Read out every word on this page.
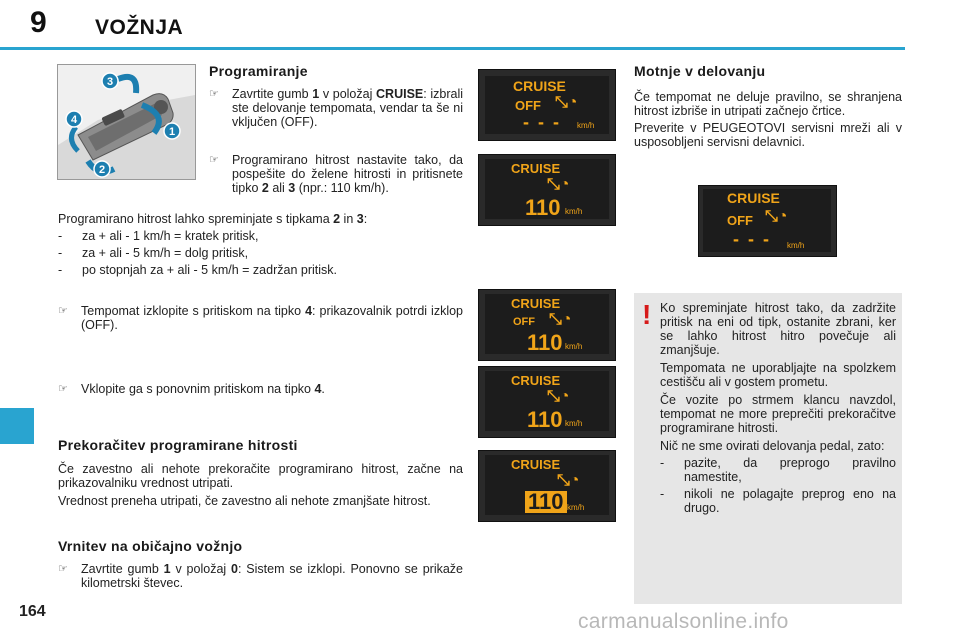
9 VOŽNJA
3
4
1
2
Programiranje
☞ Zavrtite gumb 1 v položaj CRUISE: izbrali ste delovanje tempomata, vendar ta še ni vključen (OFF).
☞ Programirano hitrost nastavite tako, da pospešite do želene hitrosti in pritisnete tipko 2 ali 3 (npr.: 110 km/h).

Programirano hitrost lahko spreminjate s tipkama 2 in 3:

- za + ali - 1 km/h = kratek pritisk,
- za + ali - 5 km/h = dolg pritisk,
- po stopnjah za + ali - 5 km/h = zadržan pritisk.
☞ Tempomat izklopite s pritiskom na tipko 4: prikazovalnik potrdi izklop (OFF).
☞ Vklopite ga s ponovnim pritiskom na tipko 4.
Prekoračitev programirane hitrosti

Če zavestno ali nehote prekoračite programirano hitrost, začne na prikazovalniku vrednost utripati.

Vrednost preneha utripati, če zavestno ali nehote zmanjšate hitrost.

Vrnitev na običajno vožnjo
☞ Zavrtite gumb 1 v položaj 0: Sistem se izklopi. Ponovno se prikaže kilometrski števec.
CRUISE
OFF ⤡◔
- - - km/h
CRUISE
⤡◔
110 km/h
CRUISE
OFF ⤡◔
110 km/h
CRUISE
⤡◔
110 km/h
CRUISE
⤡◔
110 km/h
Motnje v delovanju

Če tempomat ne deluje pravilno, se shranjena hitrost izbriše in utripati začnejo črtice.

Preverite v PEUGEOTOVI servisni mreži ali v usposobljeni servisni delavnici.

CRUISE
OFF ⤡◔
- - - km/h
! Ko spreminjate hitrost tako, da zadržite pritisk na eni od tipk, ostanite zbrani, ker se lahko hitrost hitro povečuje ali zmanjšuje.

Tempomata ne uporabljajte na spolzkem cestišču ali v gostem prometu.

Če vozite po strmem klancu navzdol, tempomat ne more preprečiti prekoračitve programirane hitrosti.

Nič ne sme ovirati delovanja pedal, zato:

- pazite, da preprogo pravilno namestite,
- nikoli ne polagajte preprog eno na drugo.
164	carmanualsonline.info
